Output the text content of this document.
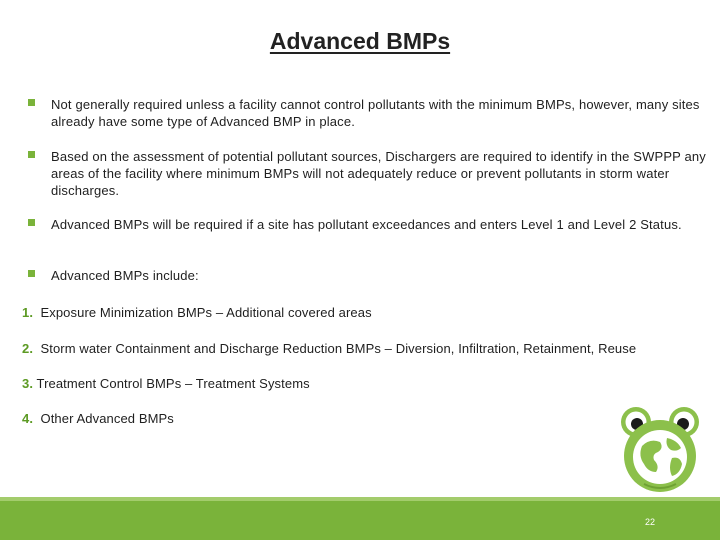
Advanced BMPs
Not generally required unless a facility cannot control pollutants with the minimum BMPs, however, many sites already have some type of Advanced BMP in place.
Based on the assessment of potential pollutant sources, Dischargers are required to identify in the SWPPP any areas of the facility where minimum BMPs will not adequately reduce or prevent pollutants in storm water discharges.
Advanced BMPs will be required if a site has pollutant exceedances and enters Level 1 and Level 2 Status.
Advanced BMPs include:
1. Exposure Minimization BMPs – Additional covered areas
2. Storm water Containment and Discharge Reduction BMPs – Diversion, Infiltration, Retainment, Reuse
3. Treatment Control BMPs – Treatment Systems
4. Other Advanced BMPs
22
